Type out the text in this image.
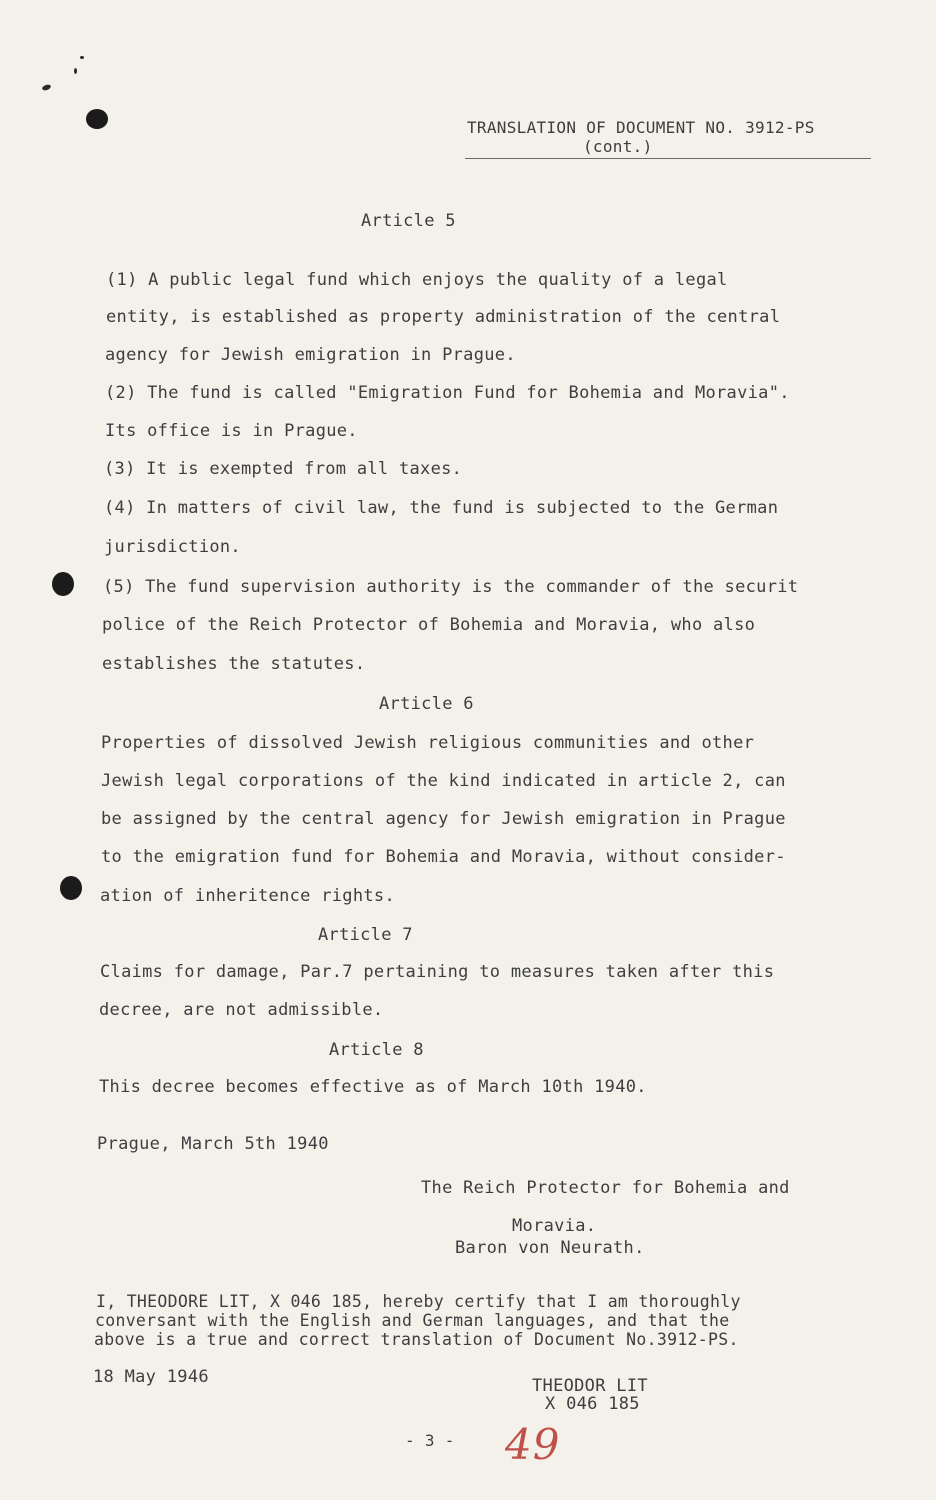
TRANSLATION OF DOCUMENT NO. 3912-PS
(cont.)
Article 5
(1) A public legal fund which enjoys the quality of a legal
entity, is established as property administration of the central
agency for Jewish emigration in Prague.
(2) The fund is called "Emigration Fund for Bohemia and Moravia".
Its office is in Prague.
(3) It is exempted from all taxes.
(4) In matters of civil law, the fund is subjected to the German
jurisdiction.
(5) The fund supervision authority is the commander of the securit
police of the Reich Protector of Bohemia and Moravia, who also
establishes the statutes.
Article 6
Properties of dissolved Jewish religious communities and other
Jewish legal corporations of the kind indicated in article 2, can
be assigned by the central agency for Jewish emigration in Prague
to the emigration fund for Bohemia and Moravia, without consider-
ation of inheritence rights.
Article 7
Claims for damage, Par.7 pertaining to measures taken after this
decree, are not admissible.
Article 8
This decree becomes effective as of March 10th 1940.
Prague, March 5th 1940
The Reich Protector for Bohemia and
Moravia.
Baron von Neurath.
I, THEODORE LIT, X 046 185, hereby certify that I am thoroughly
conversant with the English and German languages, and that the
above is a true and correct translation of Document No.3912-PS.
18 May 1946	THEODOR LIT
X 046 185
- 3 - 49
